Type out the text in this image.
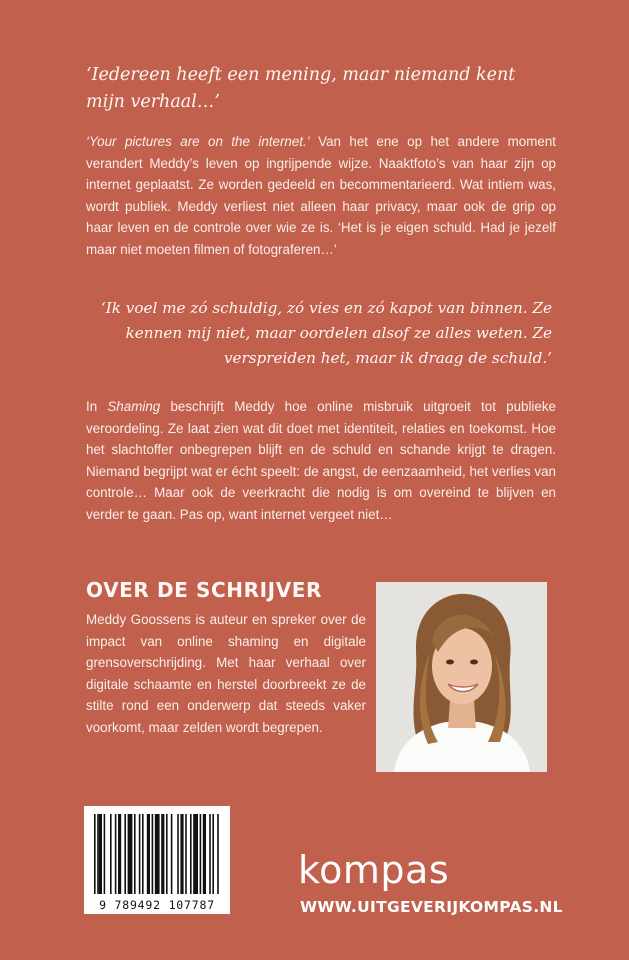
‘Iedereen heeft een mening, maar niemand kent mijn verhaal…’
‘Your pictures are on the internet.’ Van het ene op het andere moment verandert Meddy’s leven op ingrijpende wijze. Naaktfoto’s van haar zijn op internet geplaatst. Ze worden gedeeld en becommentarieerd. Wat intiem was, wordt publiek. Meddy verliest niet alleen haar privacy, maar ook de grip op haar leven en de controle over wie ze is. ‘Het is je eigen schuld. Had je jezelf maar niet moeten filmen of fotograferen…’
‘Ik voel me zó schuldig, zó vies en zó kapot van binnen. Ze kennen mij niet, maar oordelen alsof ze alles weten. Ze verspreiden het, maar ik draag de schuld.’
In Shaming beschrijft Meddy hoe online misbruik uitgroeit tot publieke veroordeling. Ze laat zien wat dit doet met identiteit, relaties en toekomst. Hoe het slachtoffer onbegrepen blijft en de schuld en schande krijgt te dragen. Niemand begrijpt wat er écht speelt: de angst, de eenzaamheid, het verlies van controle… Maar ook de veerkracht die nodig is om overeind te blijven en verder te gaan. Pas op, want internet vergeet niet…
OVER DE SCHRIJVER
Meddy Goossens is auteur en spreker over de impact van online shaming en digitale grensoverschrijding. Met haar verhaal over digitale schaamte en herstel doorbreekt ze de stilte rond een onderwerp dat steeds vaker voorkomt, maar zelden wordt begrepen.
9 789492 107787
kompas
WWW.UITGEVERIJKOMPAS.NL
